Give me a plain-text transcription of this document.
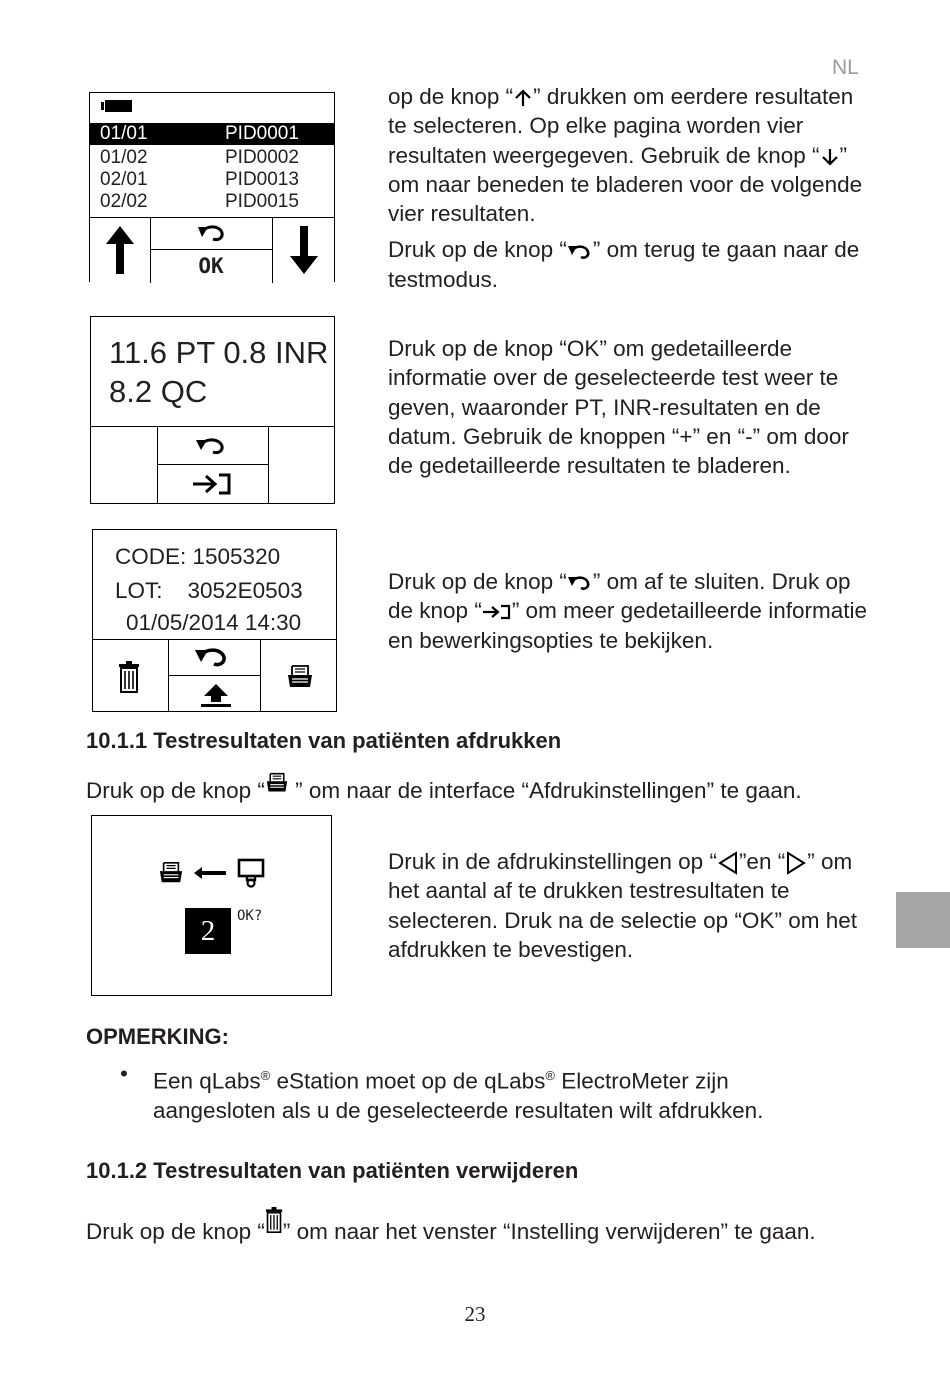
NL
01/01	PID0001
01/02	PID0002
02/01	PID0013
02/02	PID0015
OK

op de knop “ ” drukken om eerdere resultaten te selecteren. Op elke pagina worden vier resultaten weergegeven. Gebruik de knop “ ” om naar beneden te bladeren voor de volgende vier resultaten.

Druk op de knop “ ” om terug te gaan naar de testmodus.

11.6 PT 0.8 INR
8.2 QC

Druk op de knop “OK” om gedetailleerde informatie over de geselecteerde test weer te geven, waaronder PT, INR-resultaten en de datum. Gebruik de knoppen “+” en “-” om door de gedetailleerde resultaten te bladeren.

CODE: 1505320
LOT:    3052E0503
01/05/2014 14:30

Druk op de knop “ ” om af te sluiten. Druk op de knop “ ” om meer gedetailleerde informatie en bewerkingsopties te bekijken.

10.1.1 Testresultaten van patiënten afdrukken
Druk op de knop “ ” om naar de interface “Afdrukinstellingen” te gaan.
2	OK?
Druk in de afdrukinstellingen op “ ”en “ ” om het aantal af te drukken testresultaten te selecteren. Druk na de selectie op “OK” om het afdrukken te bevestigen.
OPMERKING:
• Een qLabs® eStation moet op de qLabs® ElectroMeter zijn aangesloten als u de geselecteerde resultaten wilt afdrukken.
10.1.2 Testresultaten van patiënten verwijderen
Druk op de knop “ ” om naar het venster “Instelling verwijderen” te gaan.
23
